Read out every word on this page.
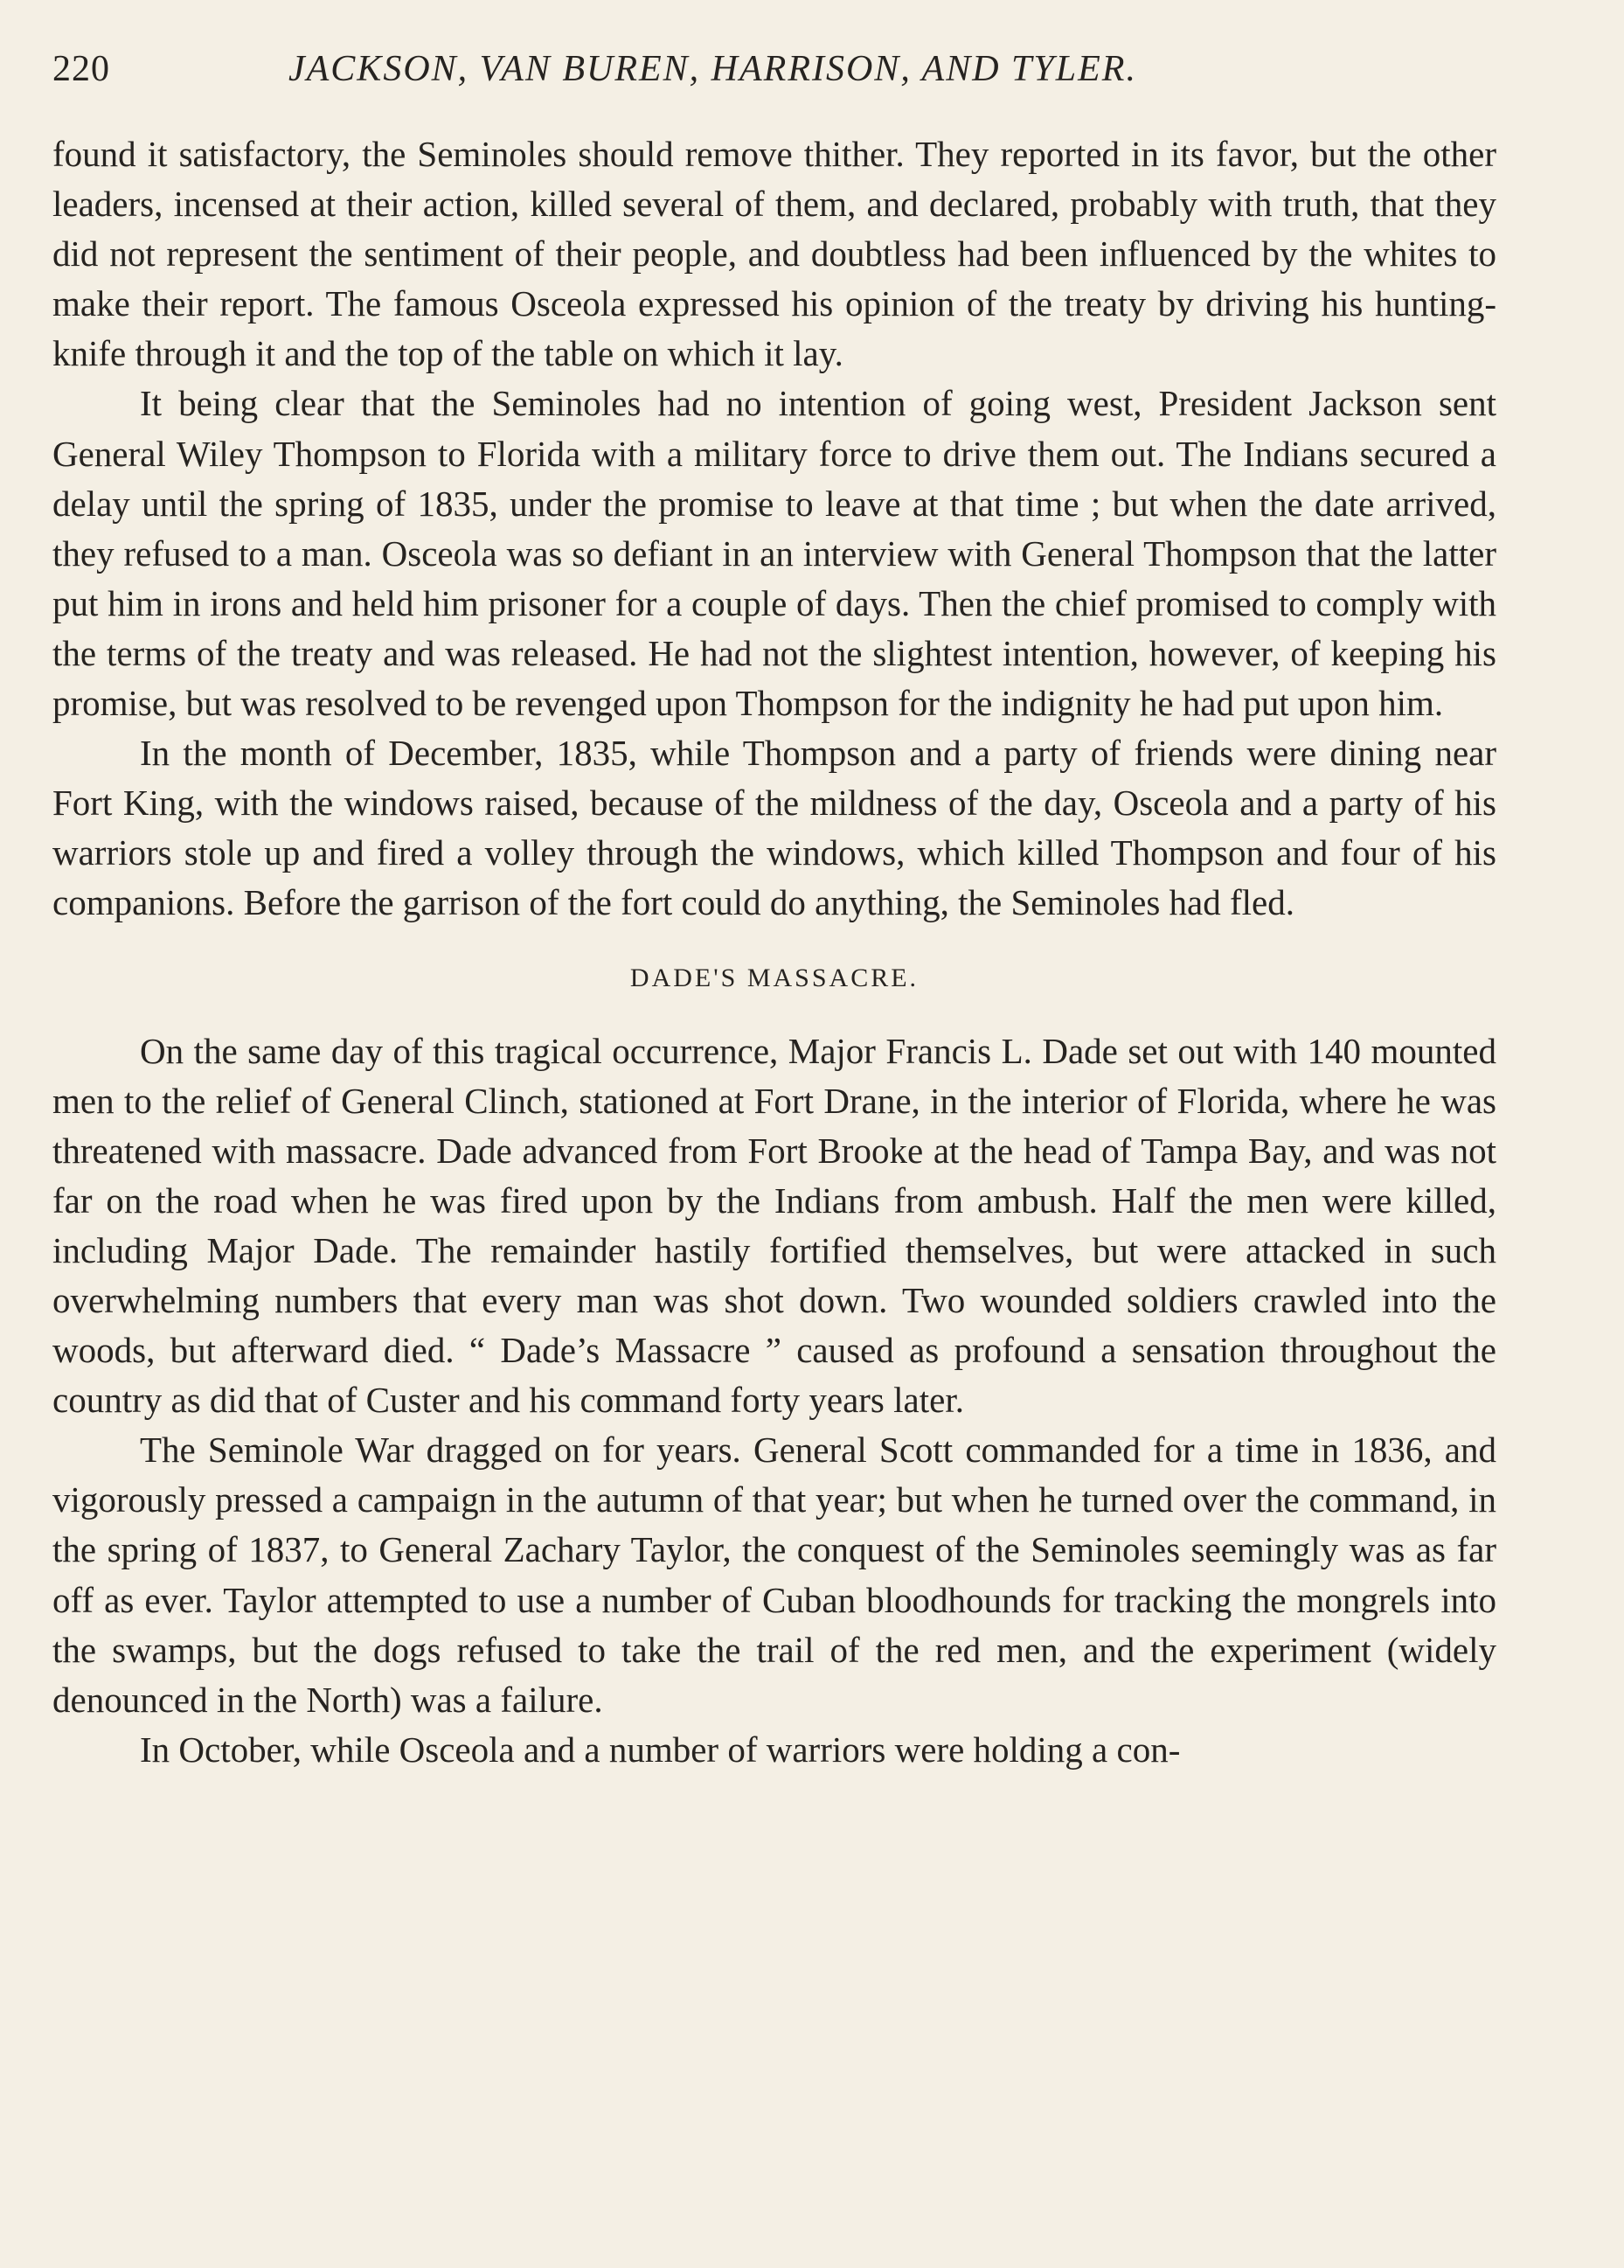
220	JACKSON, VAN BUREN, HARRISON, AND TYLER.

found it satisfactory, the Seminoles should remove thither. They reported in its favor, but the other leaders, incensed at their action, killed several of them, and declared, probably with truth, that they did not represent the sentiment of their people, and doubtless had been influenced by the whites to make their report. The famous Osceola expressed his opinion of the treaty by driving his hunting-knife through it and the top of the table on which it lay.

It being clear that the Seminoles had no intention of going west, President Jackson sent General Wiley Thompson to Florida with a military force to drive them out. The Indians secured a delay until the spring of 1835, under the promise to leave at that time ; but when the date arrived, they refused to a man. Osceola was so defiant in an interview with General Thompson that the latter put him in irons and held him prisoner for a couple of days. Then the chief promised to comply with the terms of the treaty and was released. He had not the slightest intention, however, of keeping his promise, but was resolved to be revenged upon Thompson for the indignity he had put upon him.

In the month of December, 1835, while Thompson and a party of friends were dining near Fort King, with the windows raised, because of the mildness of the day, Osceola and a party of his warriors stole up and fired a volley through the windows, which killed Thompson and four of his companions. Before the garrison of the fort could do anything, the Seminoles had fled.

DADE'S MASSACRE.

On the same day of this tragical occurrence, Major Francis L. Dade set out with 140 mounted men to the relief of General Clinch, stationed at Fort Drane, in the interior of Florida, where he was threatened with massacre. Dade advanced from Fort Brooke at the head of Tampa Bay, and was not far on the road when he was fired upon by the Indians from ambush. Half the men were killed, including Major Dade. The remainder hastily fortified themselves, but were attacked in such overwhelming numbers that every man was shot down. Two wounded soldiers crawled into the woods, but afterward died. “ Dade’s Massacre ” caused as profound a sensation throughout the country as did that of Custer and his command forty years later.

The Seminole War dragged on for years. General Scott commanded for a time in 1836, and vigorously pressed a campaign in the autumn of that year; but when he turned over the command, in the spring of 1837, to General Zachary Taylor, the conquest of the Seminoles seemingly was as far off as ever. Taylor attempted to use a number of Cuban bloodhounds for tracking the mongrels into the swamps, but the dogs refused to take the trail of the red men, and the experiment (widely denounced in the North) was a failure.

In October, while Osceola and a number of warriors were holding a con-
